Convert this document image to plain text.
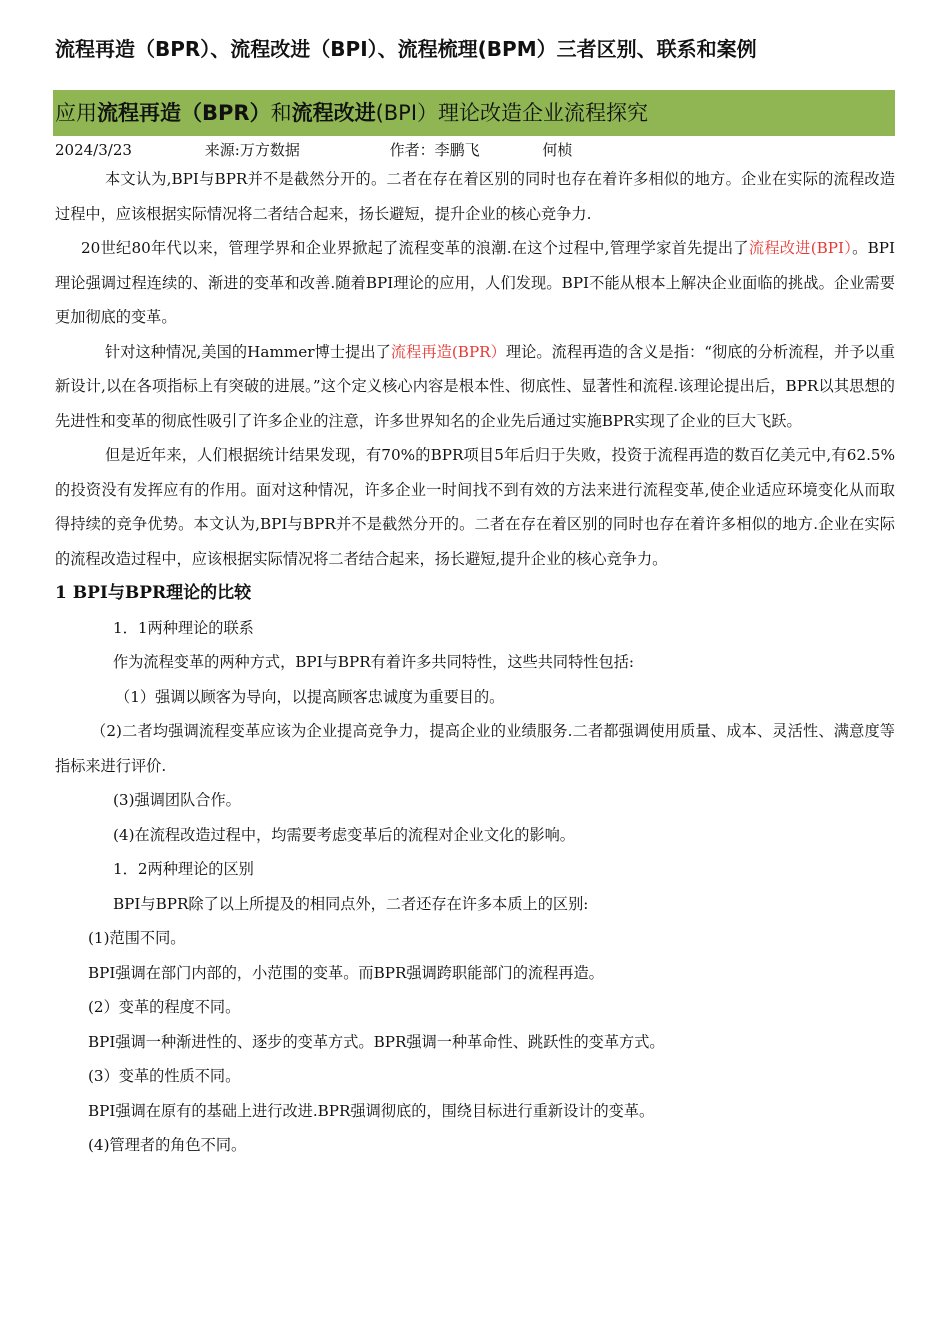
流程再造（BPR）、流程改进（BPI）、流程梳理(BPM）三者区别、联系和案例
应用流程再造（BPR）和流程改进(BPI）理论改造企业流程探究
2024/3/23	来源:万方数据	作者：李鹏飞	何桢

本文认为,BPI与BPR并不是截然分开的。二者在存在着区别的同时也存在着许多相似的地方。企业在实际的流程改造过程中，应该根据实际情况将二者结合起来，扬长避短，提升企业的核心竞争力.

20世纪80年代以来，管理学界和企业界掀起了流程变革的浪潮.在这个过程中,管理学家首先提出了流程改进(BPI）。BPI理论强调过程连续的、渐进的变革和改善.随着BPI理论的应用，人们发现。BPI不能从根本上解决企业面临的挑战。企业需要更加彻底的变革。

针对这种情况,美国的Hammer博士提出了流程再造(BPR）理论。流程再造的含义是指：“彻底的分析流程，并予以重新设计,以在各项指标上有突破的进展。”这个定义核心内容是根本性、彻底性、显著性和流程.该理论提出后，BPR以其思想的先进性和变革的彻底性吸引了许多企业的注意，许多世界知名的企业先后通过实施BPR实现了企业的巨大飞跃。

但是近年来，人们根据统计结果发现，有70%的BPR项目5年后归于失败，投资于流程再造的数百亿美元中,有62.5%的投资没有发挥应有的作用。面对这种情况，许多企业一时间找不到有效的方法来进行流程变革,使企业适应环境变化从而取得持续的竞争优势。本文认为,BPI与BPR并不是截然分开的。二者在存在着区别的同时也存在着许多相似的地方.企业在实际的流程改造过程中，应该根据实际情况将二者结合起来，扬长避短,提升企业的核心竞争力。

1 BPI与BPR理论的比较

1．1两种理论的联系

作为流程变革的两种方式，BPI与BPR有着许多共同特性，这些共同特性包括:

（1）强调以顾客为导向，以提高顾客忠诚度为重要目的。

（2)二者均强调流程变革应该为企业提高竞争力，提高企业的业绩服务.二者都强调使用质量、成本、灵活性、满意度等指标来进行评价.

(3)强调团队合作。

(4)在流程改造过程中，均需要考虑变革后的流程对企业文化的影响。

1．2两种理论的区别

BPI与BPR除了以上所提及的相同点外，二者还存在许多本质上的区别:

(1)范围不同。

BPI强调在部门内部的，小范围的变革。而BPR强调跨职能部门的流程再造。

(2）变革的程度不同。

BPI强调一种渐进性的、逐步的变革方式。BPR强调一种革命性、跳跃性的变革方式。

(3）变革的性质不同。

BPI强调在原有的基础上进行改进.BPR强调彻底的，围绕目标进行重新设计的变革。

(4)管理者的角色不同。
